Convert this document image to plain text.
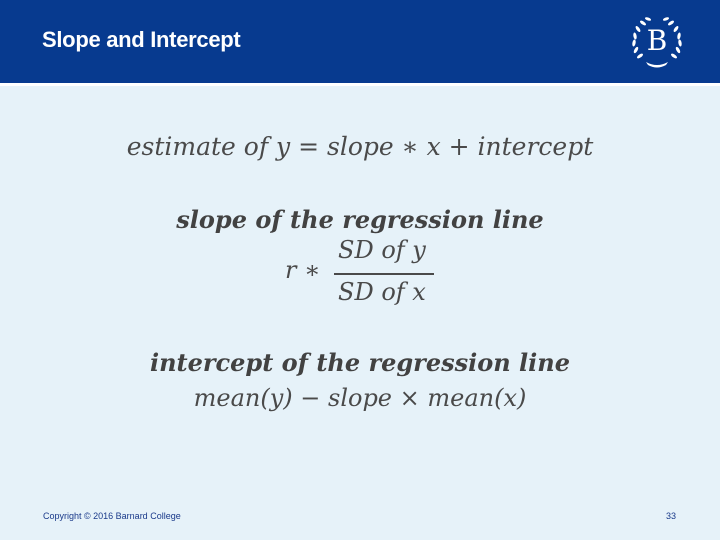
Slope and Intercept	B
estimate of y = slope ∗ x + intercept
slope of the regression line
r ∗
SD of y
SD of x
intercept of the regression line
mean(y) − slope × mean(x)
Copyright © 2016 Barnard College	33
